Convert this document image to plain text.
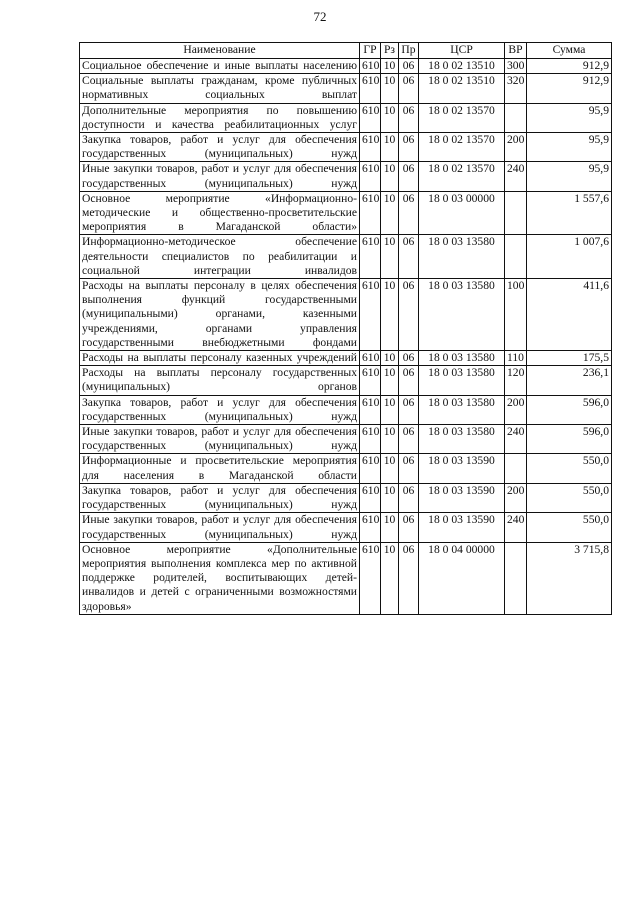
72
Наименование	ГР	Рз	Пр	ЦСР	ВР	Сумма
Социальное обеспечение и иные выплаты населению	610	10	06	18 0 02 13510	300	912,9
Социальные выплаты гражданам, кроме публичных нормативных социальных выплат	610	10	06	18 0 02 13510	320	912,9
Дополнительные мероприятия по повышению доступности и качества реабилитационных услуг	610	10	06	18 0 02 13570		95,9
Закупка товаров, работ и услуг для обеспечения государственных (муниципальных) нужд	610	10	06	18 0 02 13570	200	95,9
Иные закупки товаров, работ и услуг для обеспечения государственных (муниципальных) нужд	610	10	06	18 0 02 13570	240	95,9
Основное мероприятие «Информационно-методические и общественно-просветительские мероприятия в Магаданской области»	610	10	06	18 0 03 00000		1 557,6
Информационно-методическое обеспечение деятельности специалистов по реабилитации и социальной интеграции инвалидов	610	10	06	18 0 03 13580		1 007,6
Расходы на выплаты персоналу в целях обеспечения выполнения функций государственными (муниципальными) органами, казенными учреждениями, органами управления государственными внебюджетными фондами	610	10	06	18 0 03 13580	100	411,6
Расходы на выплаты персоналу казенных учреждений	610	10	06	18 0 03 13580	110	175,5
Расходы на выплаты персоналу государственных (муниципальных) органов	610	10	06	18 0 03 13580	120	236,1
Закупка товаров, работ и услуг для обеспечения государственных (муниципальных) нужд	610	10	06	18 0 03 13580	200	596,0
Иные закупки товаров, работ и услуг для обеспечения государственных (муниципальных) нужд	610	10	06	18 0 03 13580	240	596,0
Информационные и просветительские мероприятия для населения в Магаданской области	610	10	06	18 0 03 13590		550,0
Закупка товаров, работ и услуг для обеспечения государственных (муниципальных) нужд	610	10	06	18 0 03 13590	200	550,0
Иные закупки товаров, работ и услуг для обеспечения государственных (муниципальных) нужд	610	10	06	18 0 03 13590	240	550,0
Основное мероприятие «Дополнительные мероприятия выполнения комплекса мер по активной поддержке родителей, воспитывающих детей-инвалидов и детей с ограниченными возможностями здоровья»	610	10	06	18 0 04 00000		3 715,8
